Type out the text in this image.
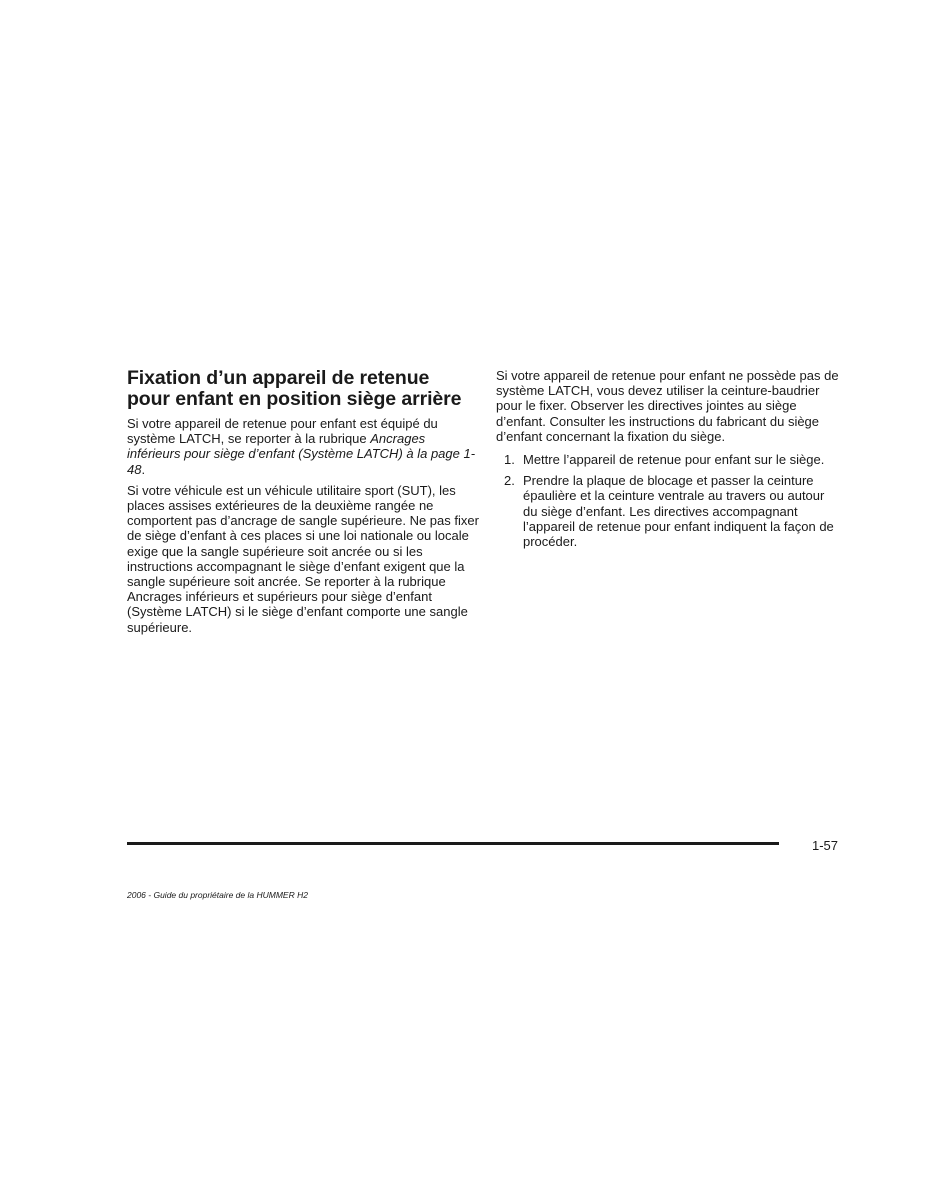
Fixation d’un appareil de retenue
pour enfant en position siège arrière

Si votre appareil de retenue pour enfant est équipé du système LATCH, se reporter à la rubrique Ancrages inférieurs pour siège d’enfant (Système LATCH) à la page 1-48.

Si votre véhicule est un véhicule utilitaire sport (SUT), les places assises extérieures de la deuxième rangée ne comportent pas d’ancrage de sangle supérieure. Ne pas fixer de siège d’enfant à ces places si une loi nationale ou locale exige que la sangle supérieure soit ancrée ou si les instructions accompagnant le siège d’enfant exigent que la sangle supérieure soit ancrée. Se reporter à la rubrique Ancrages inférieurs et supérieurs pour siège d’enfant (Système LATCH) si le siège d’enfant comporte une sangle supérieure.

Si votre appareil de retenue pour enfant ne possède pas de système LATCH, vous devez utiliser la ceinture-baudrier pour le fixer. Observer les directives jointes au siège d’enfant. Consulter les instructions du fabricant du siège d’enfant concernant la fixation du siège.

1. Mettre l’appareil de retenue pour enfant sur le siège.
2. Prendre la plaque de blocage et passer la ceinture épaulière et la ceinture ventrale au travers ou autour du siège d’enfant. Les directives accompagnant l’appareil de retenue pour enfant indiquent la façon de procéder.
1-57
2006 - Guide du propriétaire de la HUMMER H2
